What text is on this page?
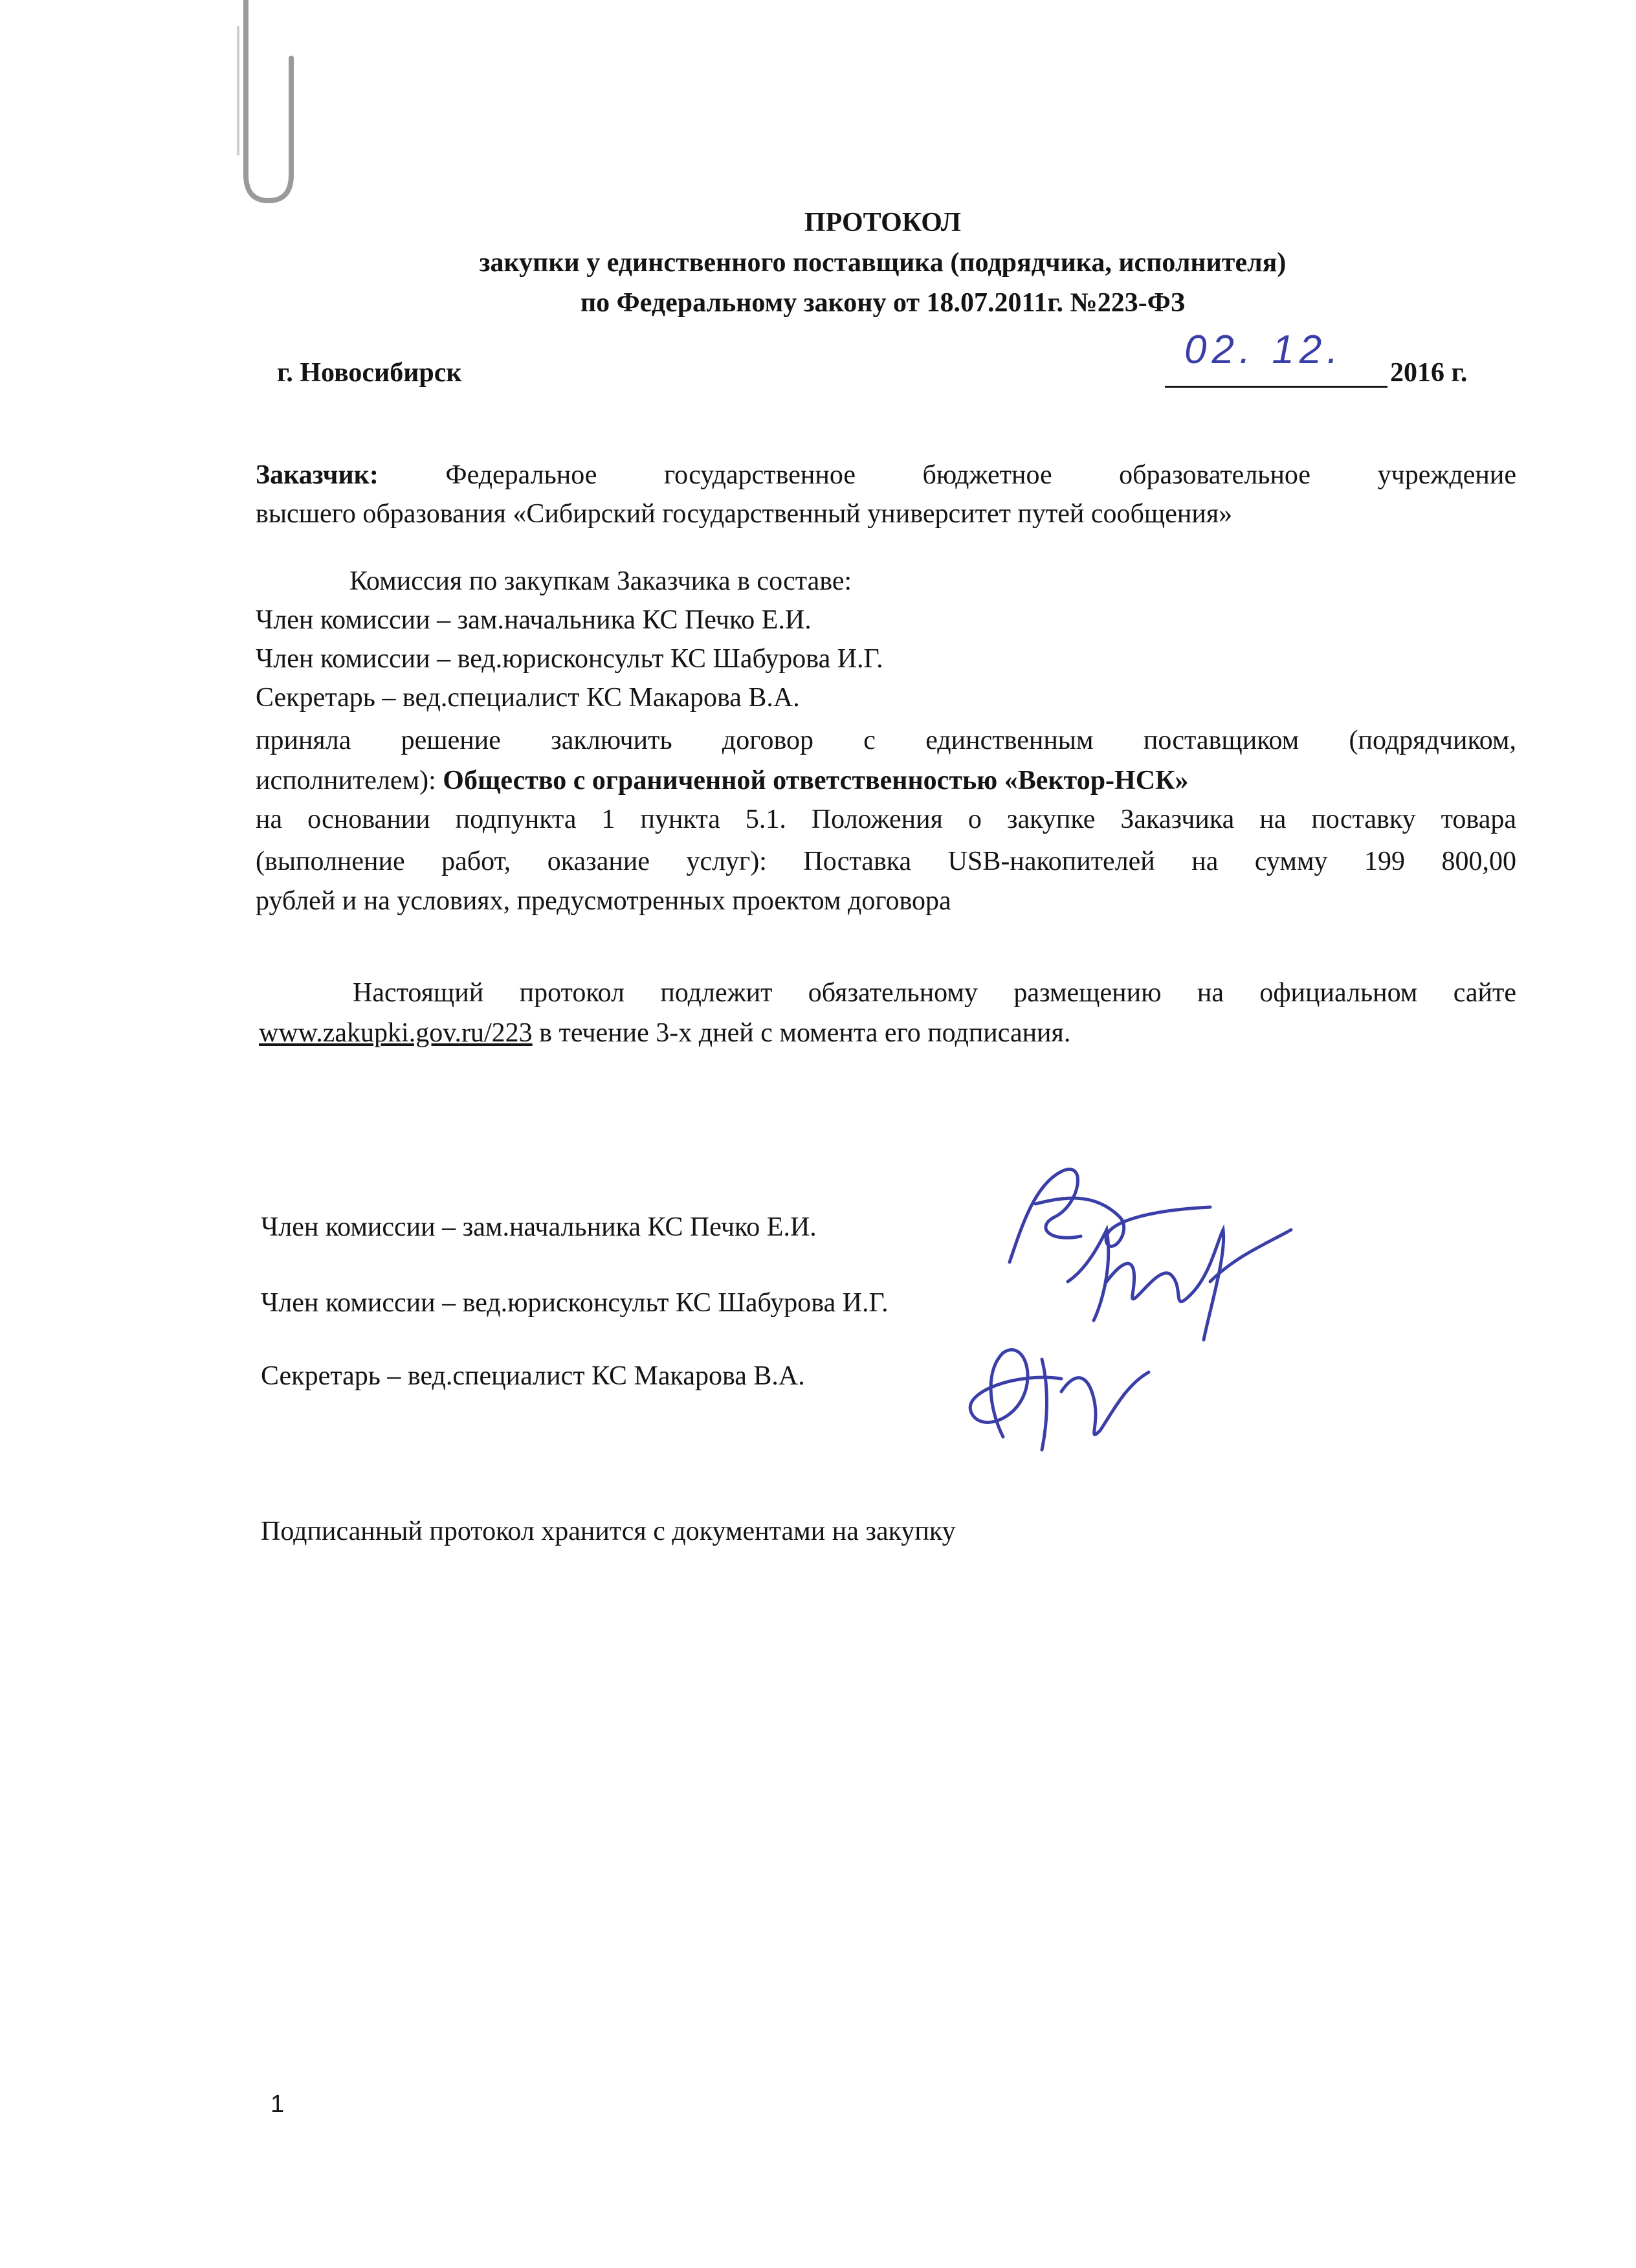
ПРОТОКОЛ
закупки у единственного поставщика (подрядчика, исполнителя)
по Федеральному закону от 18.07.2011г. №223-ФЗ
г. Новосибирск
02. 12.
2016 г.
Заказчик: Федеральное государственное бюджетное образовательное учреждение
высшего образования «Сибирский государственный университет путей сообщения»
Комиссия по закупкам Заказчика в составе:
Член комиссии – зам.начальника КС Печко Е.И.
Член комиссии – вед.юрисконсульт КС Шабурова И.Г.
Секретарь – вед.специалист КС Макарова В.А.
приняла решение заключить договор с единственным поставщиком (подрядчиком,
исполнителем): Общество с ограниченной ответственностью «Вектор-НСК»
на основании подпункта 1 пункта 5.1. Положения о закупке Заказчика на поставку товара
(выполнение работ, оказание услуг): Поставка USB-накопителей на сумму 199 800,00
рублей и на условиях, предусмотренных проектом договора
Настоящий протокол подлежит обязательному размещению на официальном сайте
www.zakupki.gov.ru/223 в течение 3-х дней с момента его подписания.
Член комиссии – зам.начальника КС Печко Е.И.
Член комиссии – вед.юрисконсульт КС Шабурова И.Г.
Секретарь – вед.специалист КС Макарова В.А.
Подписанный протокол хранится с документами на закупку
1
